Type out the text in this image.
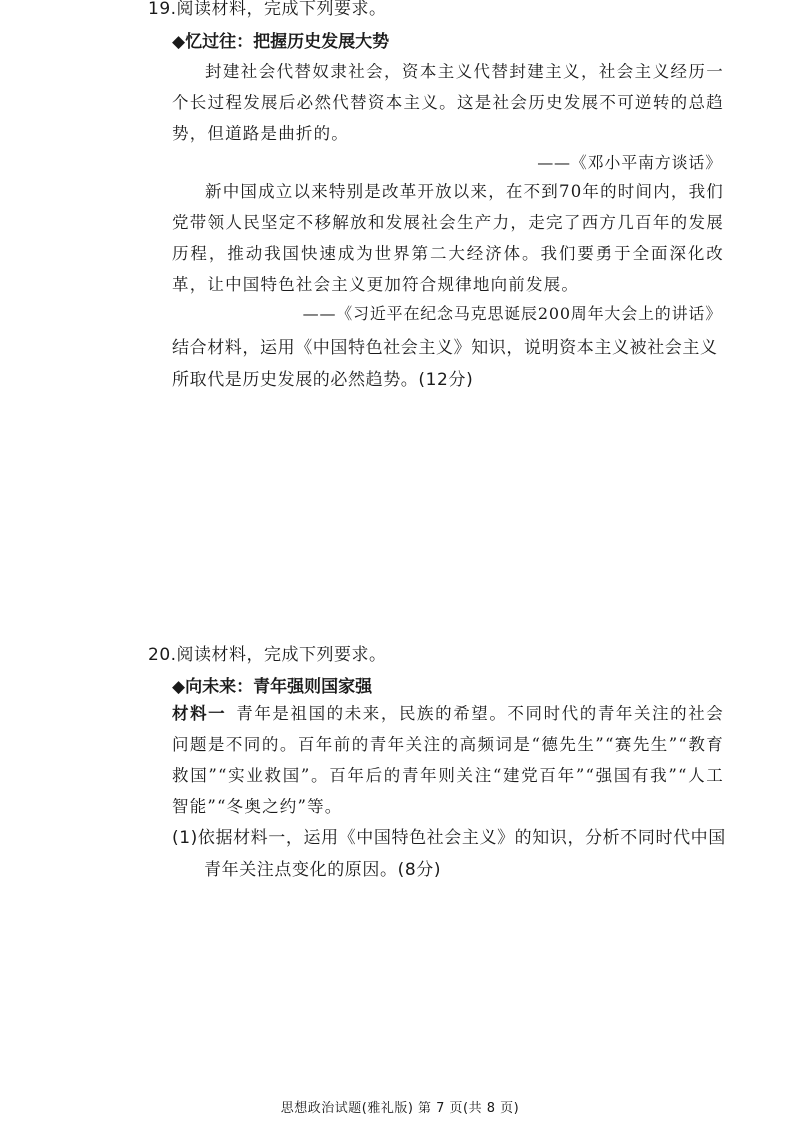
19.阅读材料，完成下列要求。
◆忆过往：把握历史发展大势

封建社会代替奴隶社会，资本主义代替封建主义，社会主义经历一个长过程发展后必然代替资本主义。这是社会历史发展不可逆转的总趋势，但道路是曲折的。

——《邓小平南方谈话》

新中国成立以来特别是改革开放以来，在不到70年的时间内，我们党带领人民坚定不移解放和发展社会生产力，走完了西方几百年的发展历程，推动我国快速成为世界第二大经济体。我们要勇于全面深化改革，让中国特色社会主义更加符合规律地向前发展。

——《习近平在纪念马克思诞辰200周年大会上的讲话》

结合材料，运用《中国特色社会主义》知识，说明资本主义被社会主义所取代是历史发展的必然趋势。(12分)

20.阅读材料，完成下列要求。
◆向未来：青年强则国家强

材料一 青年是祖国的未来，民族的希望。不同时代的青年关注的社会问题是不同的。百年前的青年关注的高频词是“德先生”“赛先生”“教育救国”“实业救国”。百年后的青年则关注“建党百年”“强国有我”“人工智能”“冬奥之约”等。

(1)依据材料一，运用《中国特色社会主义》的知识，分析不同时代中国
青年关注点变化的原因。(8分)

思想政治试题(雅礼版) 第 7 页(共 8 页)
